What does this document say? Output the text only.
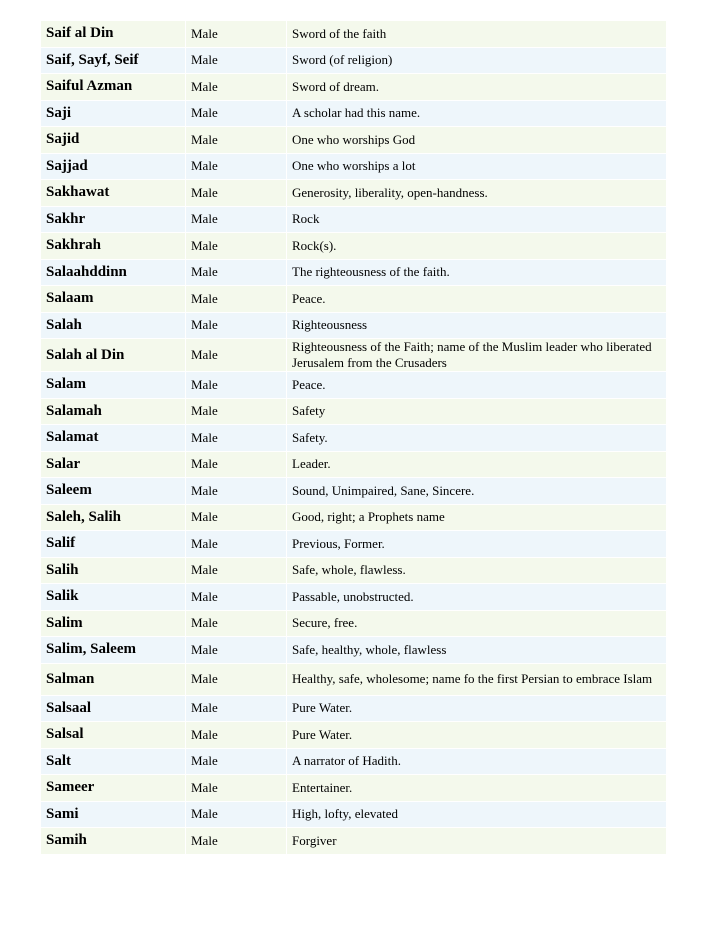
Saif al Din	Male	Sword of the faith
Saif, Sayf, Seif	Male	Sword (of religion)
Saiful Azman	Male	Sword of dream.
Saji	Male	A scholar had this name.
Sajid	Male	One who worships God
Sajjad	Male	One who worships a lot
Sakhawat	Male	Generosity, liberality, open-handness.
Sakhr	Male	Rock
Sakhrah	Male	Rock(s).
Salaahddinn	Male	The righteousness of the faith.
Salaam	Male	Peace.
Salah	Male	Righteousness
Salah al Din	Male	Righteousness of the Faith; name of the Muslim leader who liberated Jerusalem from the Crusaders
Salam	Male	Peace.
Salamah	Male	Safety
Salamat	Male	Safety.
Salar	Male	Leader.
Saleem	Male	Sound, Unimpaired, Sane, Sincere.
Saleh, Salih	Male	Good, right; a Prophets name
Salif	Male	Previous, Former.
Salih	Male	Safe, whole, flawless.
Salik	Male	Passable, unobstructed.
Salim	Male	Secure, free.
Salim, Saleem	Male	Safe, healthy, whole, flawless
Salman	Male	Healthy, safe, wholesome; name fo the first Persian to embrace Islam
Salsaal	Male	Pure Water.
Salsal	Male	Pure Water.
Salt	Male	A narrator of Hadith.
Sameer	Male	Entertainer.
Sami	Male	High, lofty, elevated
Samih	Male	Forgiver
